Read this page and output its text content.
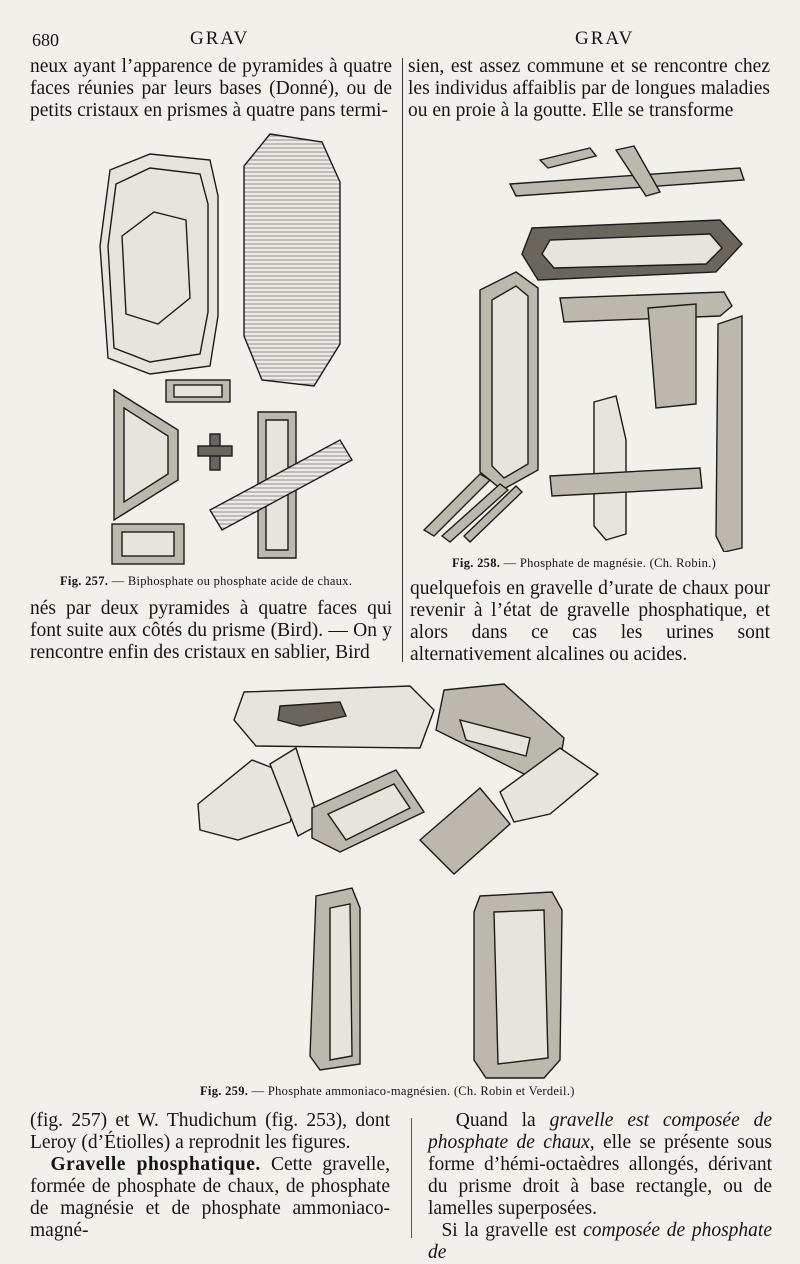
680	GRAV	GRAV

neux ayant l’apparence de pyramides à quatre faces réunies par leurs bases (Donné), ou de petits cristaux en prismes à quatre pans termi-

sien, est assez commune et se rencontre chez les individus affaiblis par de longues maladies ou en proie à la goutte. Elle se transforme

Fig. 257. — Biphosphate ou phosphate acide de chaux.
Fig. 258. — Phosphate de magnésie. (Ch. Robin.)

nés par deux pyramides à quatre faces qui font suite aux côtés du prisme (Bird). — On y rencontre enfin des cristaux en sablier, Bird

quelquefois en gravelle d’urate de chaux pour revenir à l’état de gravelle phosphatique, et alors dans ce cas les urines sont alternativement alcalines ou acides.

Fig. 259. — Phosphate ammoniaco-magnésien. (Ch. Robin et Verdeil.)

(fig. 257) et W. Thudichum (fig. 253), dont Leroy (d’Étiolles) a reprodnit les figures.

Gravelle phosphatique. Cette gravelle, formée de phosphate de chaux, de phosphate de magnésie et de phosphate ammoniaco-magné-

Quand la gravelle est composée de phosphate de chaux, elle se présente sous forme d’hémi-octaèdres allongés, dérivant du prisme droit à base rectangle, ou de lamelles superposées.

Si la gravelle est composée de phosphate de
